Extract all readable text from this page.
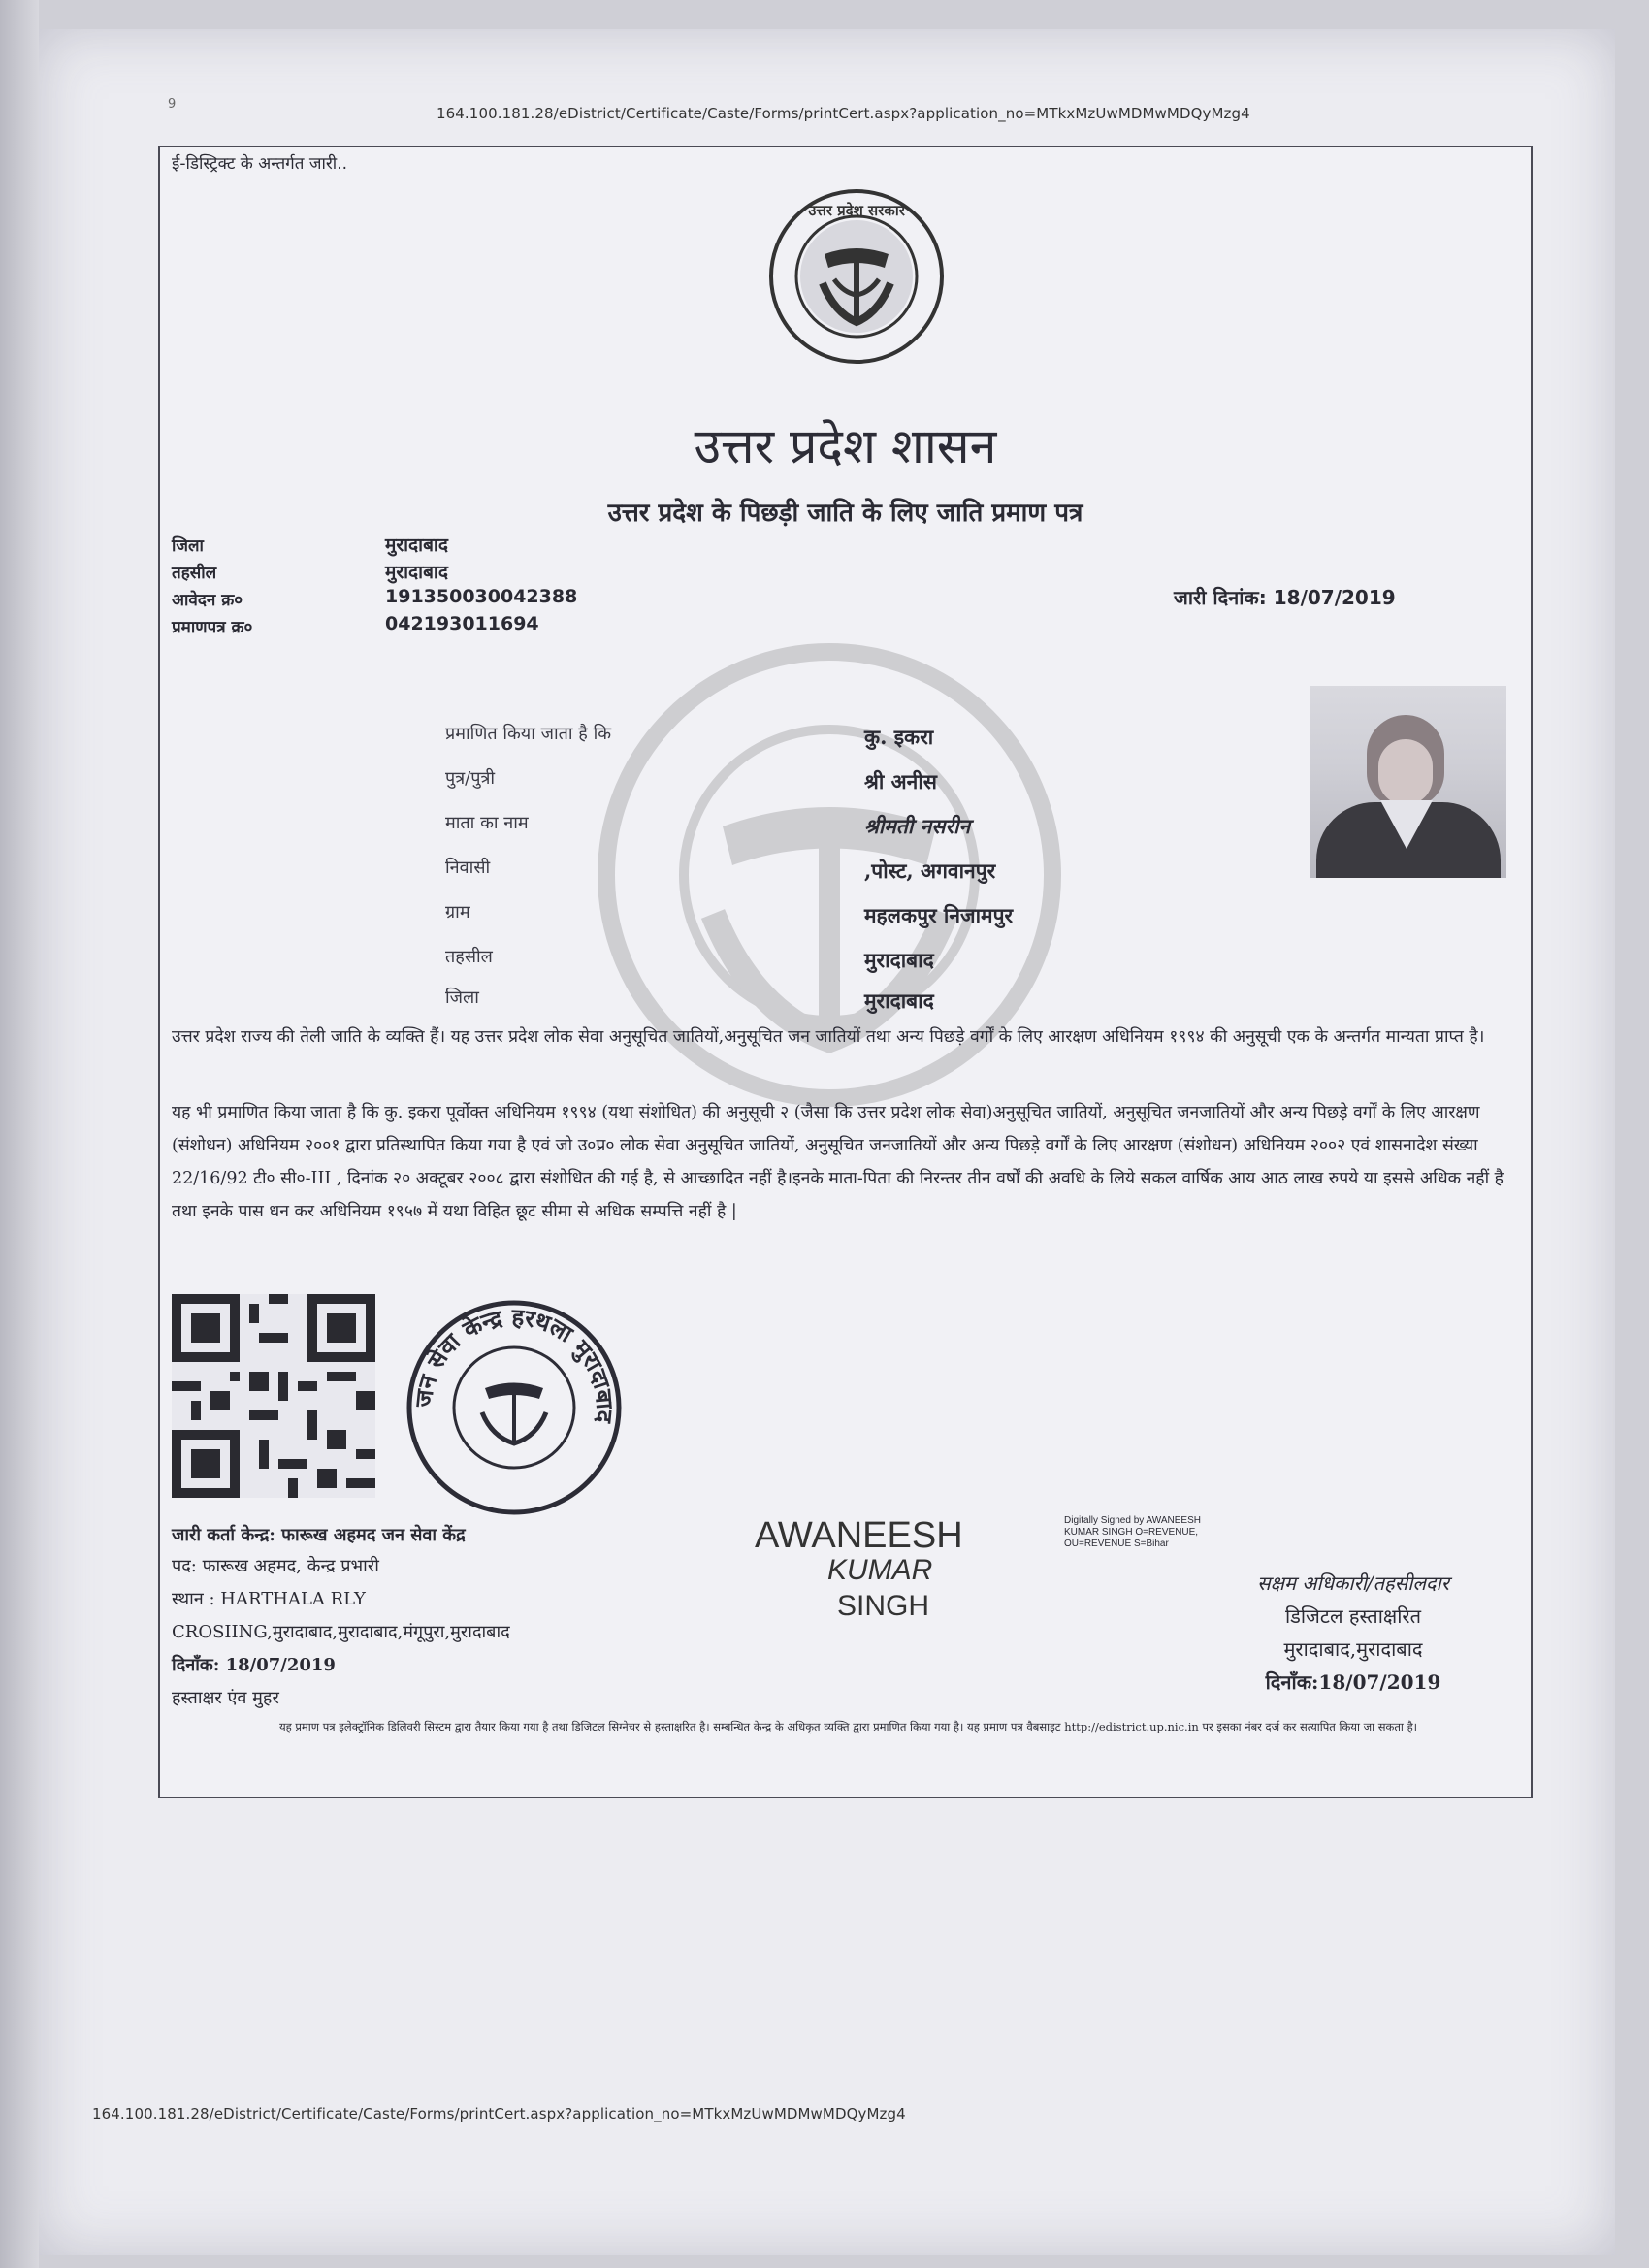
9
164.100.181.28/eDistrict/Certificate/Caste/Forms/printCert.aspx?application_no=MTkxMzUwMDMwMDQyMzg4
ई-डिस्ट्रिक्ट के अन्तर्गत जारी..
उत्तर प्रदेश सरकार
उत्तर प्रदेश शासन
उत्तर प्रदेश के पिछड़ी जाति के लिए जाति प्रमाण पत्र
जिला	मुरादाबाद
तहसील	मुरादाबाद
आवेदन क्र०	191350030042388
प्रमाणपत्र क्र०	042193011694
जारी दिनांक: 18/07/2019
प्रमाणित किया जाता है कि	कु. इकरा
पुत्र/पुत्री	श्री अनीस
माता का नाम	श्रीमती नसरीन
निवासी	,पोस्ट, अगवानपुर
ग्राम	महलकपुर निजामपुर
तहसील	मुरादाबाद
जिला	मुरादाबाद
उत्तर प्रदेश राज्य की तेली जाति के व्यक्ति हैं। यह उत्तर प्रदेश लोक सेवा अनुसूचित जातियों,अनुसूचित जन जातियों तथा अन्य पिछड़े वर्गों के लिए आरक्षण अधिनियम १९९४ की अनुसूची एक के अन्तर्गत मान्यता प्राप्त है।
यह भी प्रमाणित किया जाता है कि कु. इकरा पूर्वोक्त अधिनियम १९९४ (यथा संशोधित) की अनुसूची २ (जैसा कि उत्तर प्रदेश लोक सेवा)अनुसूचित जातियों, अनुसूचित जनजातियों और अन्य पिछड़े वर्गों के लिए आरक्षण (संशोधन) अधिनियम २००१ द्वारा प्रतिस्थापित किया गया है एवं जो उ०प्र० लोक सेवा अनुसूचित जातियों, अनुसूचित जनजातियों और अन्य पिछड़े वर्गों के लिए आरक्षण (संशोधन) अधिनियम २००२ एवं शासनादेश संख्या 22/16/92 टी० सी०-III , दिनांक २० अक्टूबर २००८ द्वारा संशोधित की गई है, से आच्छादित नहीं है।इनके माता-पिता की निरन्तर तीन वर्षों की अवधि के लिये सकल वार्षिक आय आठ लाख रुपये या इससे अधिक नहीं है तथा इनके पास धन कर अधिनियम १९५७ में यथा विहित छूट सीमा से अधिक सम्पत्ति नहीं है |
जन सेवा केन्द्र हरथला मुरादाबाद
जारी कर्ता केन्द्र: फारूख अहमद जन सेवा केंद्र
पद: फारूख अहमद, केन्द्र प्रभारी
स्थान : HARTHALA RLY
CROSIING,मुरादाबाद,मुरादाबाद,मंगूपुरा,मुरादाबाद
दिनाँक: 18/07/2019
हस्ताक्षर एंव मुहर
AWANEESH
KUMAR
SINGH
Digitally Signed by AWANEESH KUMAR SINGH O=REVENUE, OU=REVENUE S=Bihar
सक्षम अधिकारी/तहसीलदार
डिजिटल हस्ताक्षरित
मुरादाबाद,मुरादाबाद
दिनाँक:18/07/2019
यह प्रमाण पत्र इलेक्ट्रॉनिक डिलिवरी सिस्टम द्वारा तैयार किया गया है तथा डिजिटल सिग्नेचर से हस्ताक्षरित है। सम्बन्धित केन्द्र के अधिकृत व्यक्ति द्वारा प्रमाणित किया गया है। यह प्रमाण पत्र वैबसाइट http://edistrict.up.nic.in पर इसका नंबर दर्ज कर सत्यापित किया जा सकता है।
164.100.181.28/eDistrict/Certificate/Caste/Forms/printCert.aspx?application_no=MTkxMzUwMDMwMDQyMzg4
